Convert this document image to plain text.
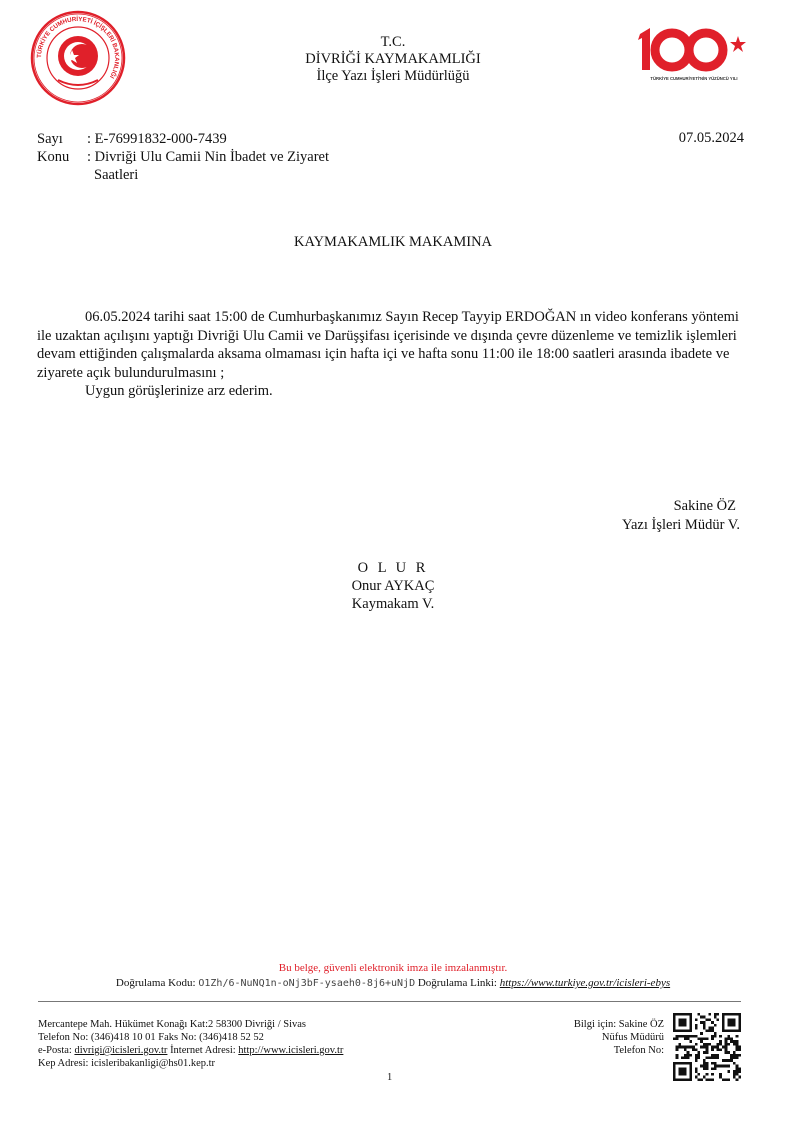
TÜRKİYE CUMHURİYETİ İÇİŞLERİ BAKANLIĞI
T.C.
DİVRİĞİ KAYMAKAMLIĞI
İlçe Yazı İşleri Müdürlüğü	TÜRKİYE CUMHURİYETİ'NİN YÜZÜNCÜ YILI
Sayı : E-76991832-000-7439
Konu : Divriği Ulu Camii Nin İbadet ve Ziyaret
Saatleri
07.05.2024
KAYMAKAMLIK MAKAMINA

06.05.2024 tarihi saat 15:00 de Cumhurbaşkanımız Sayın Recep Tayyip ERDOĞAN ın video konferans yöntemi ile uzaktan açılışını yaptığı Divriği Ulu Camii ve Darüşşifası içerisinde ve dışında çevre düzenleme ve temizlik işlemleri devam ettiğinden çalışmalarda aksama olmaması için hafta içi ve hafta sonu 11:00 ile 18:00 saatleri arasında ibadete ve ziyarete açık bulundurulmasını ;

Uygun görüşlerinize arz ederim.

Sakine ÖZ
Yazı İşleri Müdür V.
O L U R
Onur AYKAÇ
Kaymakam V.
Bu belge, güvenli elektronik imza ile imzalanmıştır.
Doğrulama Kodu: O1Zh/6-NuNQ1n-oNj3bF-ysaeh0-8j6+uNjD Doğrulama Linki: https://www.turkiye.gov.tr/icisleri-ebys
Mercantepe Mah. Hükümet Konağı Kat:2 58300 Divriği / Sivas
Telefon No: (346)418 10 01 Faks No: (346)418 52 52
e-Posta: divrigi@icisleri.gov.tr İnternet Adresi: http://www.icisleri.gov.tr
Kep Adresi: icisleribakanligi@hs01.kep.tr
Bilgi için: Sakine ÖZ
Nüfus Müdürü
Telefon No:
1
